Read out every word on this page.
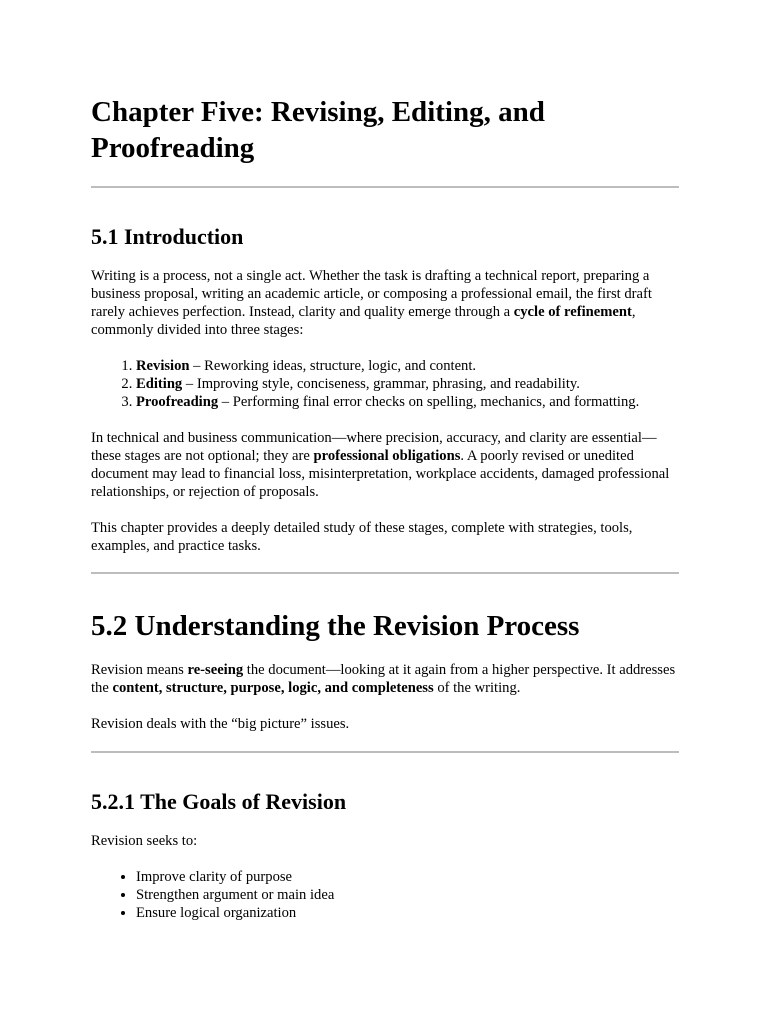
Chapter Five: Revising, Editing, and Proofreading
5.1 Introduction

Writing is a process, not a single act. Whether the task is drafting a technical report, preparing a business proposal, writing an academic article, or composing a professional email, the first draft rarely achieves perfection. Instead, clarity and quality emerge through a cycle of refinement, commonly divided into three stages:

1. Revision – Reworking ideas, structure, logic, and content.
2. Editing – Improving style, conciseness, grammar, phrasing, and readability.
3. Proofreading – Performing final error checks on spelling, mechanics, and formatting.

In technical and business communication—where precision, accuracy, and clarity are essential—these stages are not optional; they are professional obligations. A poorly revised or unedited document may lead to financial loss, misinterpretation, workplace accidents, damaged professional relationships, or rejection of proposals.

This chapter provides a deeply detailed study of these stages, complete with strategies, tools, examples, and practice tasks.

5.2 Understanding the Revision Process

Revision means re-seeing the document—looking at it again from a higher perspective. It addresses the content, structure, purpose, logic, and completeness of the writing.

Revision deals with the “big picture” issues.

5.2.1 The Goals of Revision

Revision seeks to:

• Improve clarity of purpose
• Strengthen argument or main idea
• Ensure logical organization
